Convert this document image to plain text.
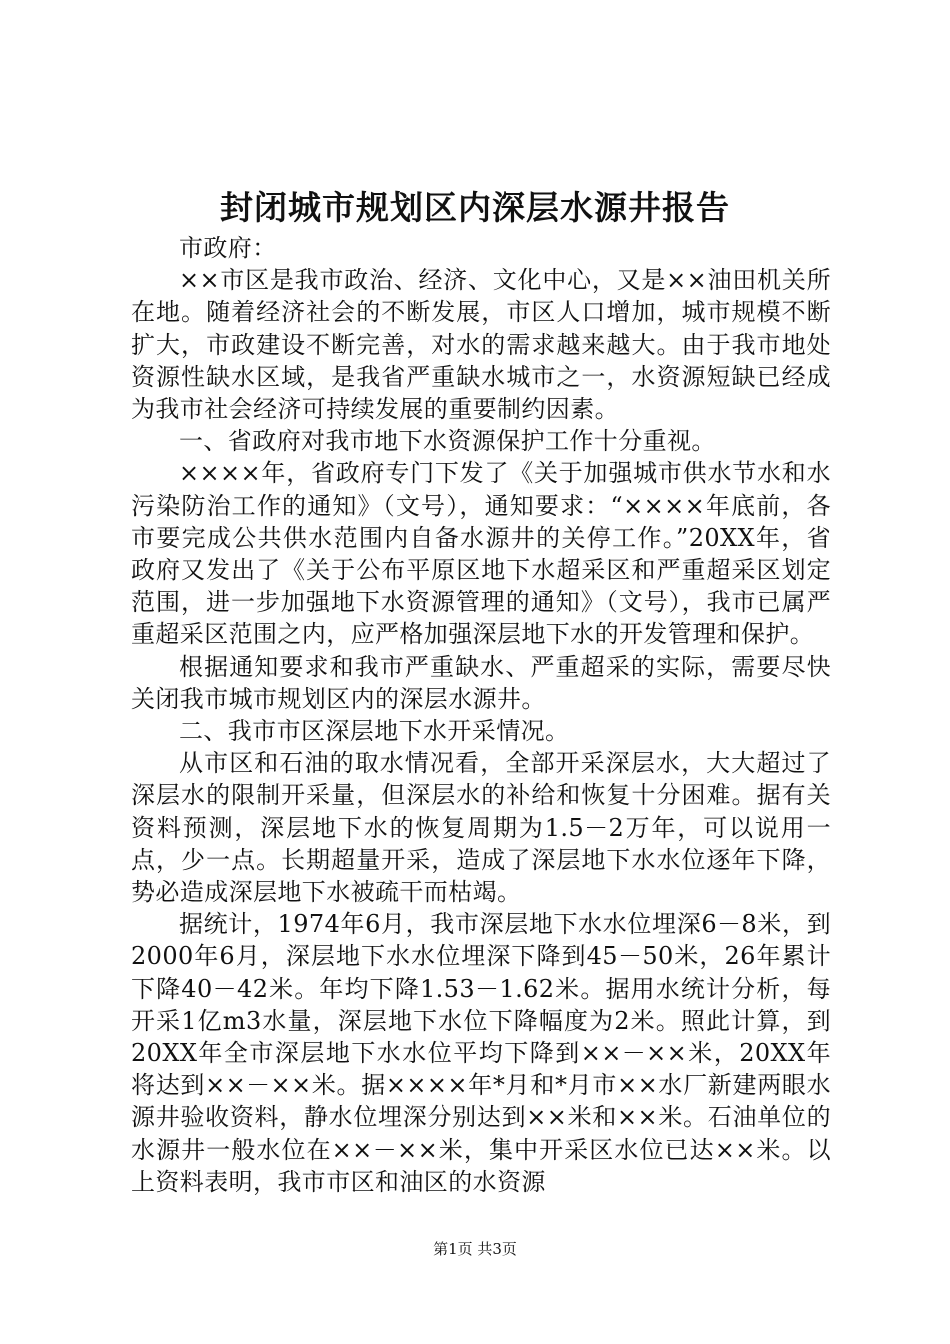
封闭城市规划区内深层水源井报告

市政府：

××市区是我市政治、经济、文化中心，又是××油田机关所在地。随着经济社会的不断发展，市区人口增加，城市规模不断扩大，市政建设不断完善，对水的需求越来越大。由于我市地处资源性缺水区域，是我省严重缺水城市之一，水资源短缺已经成为我市社会经济可持续发展的重要制约因素。

一、省政府对我市地下水资源保护工作十分重视。

××××年，省政府专门下发了《关于加强城市供水节水和水污染防治工作的通知》（文号），通知要求：“××××年底前，各市要完成公共供水范围内自备水源井的关停工作。”20XX年，省政府又发出了《关于公布平原区地下水超采区和严重超采区划定范围，进一步加强地下水资源管理的通知》（文号），我市已属严重超采区范围之内，应严格加强深层地下水的开发管理和保护。

根据通知要求和我市严重缺水、严重超采的实际，需要尽快关闭我市城市规划区内的深层水源井。

二、我市市区深层地下水开采情况。

从市区和石油的取水情况看，全部开采深层水，大大超过了深层水的限制开采量，但深层水的补给和恢复十分困难。据有关资料预测，深层地下水的恢复周期为1.5－2万年，可以说用一点，少一点。长期超量开采，造成了深层地下水水位逐年下降，势必造成深层地下水被疏干而枯竭。

据统计，1974年6月，我市深层地下水水位埋深6－8米，到2000年6月，深层地下水水位埋深下降到45－50米，26年累计下降40－42米。年均下降1.53－1.62米。据用水统计分析，每开采1亿m3水量，深层地下水位下降幅度为2米。照此计算，到20XX年全市深层地下水水位平均下降到××－××米，20XX年将达到××－××米。据××××年*月和*月市××水厂新建两眼水源井验收资料，静水位埋深分别达到××米和××米。石油单位的水源井一般水位在××－××米，集中开采区水位已达××米。以上资料表明，我市市区和油区的水资源

第1页 共3页
